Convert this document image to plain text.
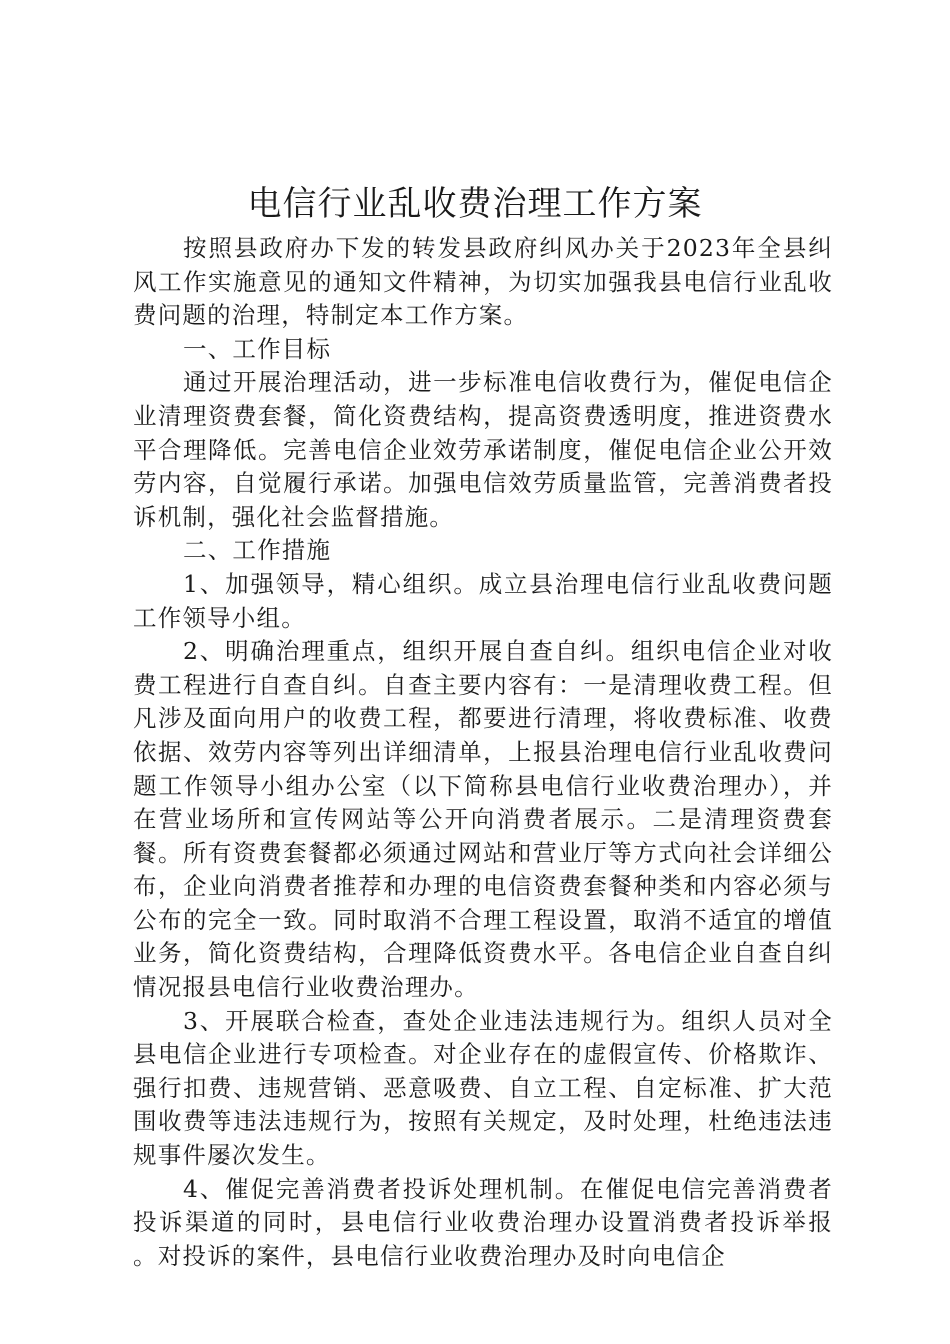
电信行业乱收费治理工作方案

按照县政府办下发的转发县政府纠风办关于2023年全县纠风工作实施意见的通知文件精神，为切实加强我县电信行业乱收费问题的治理，特制定本工作方案。

一、工作目标

通过开展治理活动，进一步标准电信收费行为，催促电信企业清理资费套餐，简化资费结构，提高资费透明度，推进资费水平合理降低。完善电信企业效劳承诺制度，催促电信企业公开效劳内容，自觉履行承诺。加强电信效劳质量监管，完善消费者投诉机制，强化社会监督措施。

二、工作措施

1、加强领导，精心组织。成立县治理电信行业乱收费问题工作领导小组。

2、明确治理重点，组织开展自查自纠。组织电信企业对收费工程进行自查自纠。自查主要内容有：一是清理收费工程。但凡涉及面向用户的收费工程，都要进行清理，将收费标准、收费依据、效劳内容等列出详细清单，上报县治理电信行业乱收费问题工作领导小组办公室（以下简称县电信行业收费治理办），并在营业场所和宣传网站等公开向消费者展示。二是清理资费套餐。所有资费套餐都必须通过网站和营业厅等方式向社会详细公布，企业向消费者推荐和办理的电信资费套餐种类和内容必须与公布的完全一致。同时取消不合理工程设置，取消不适宜的增值业务，简化资费结构，合理降低资费水平。各电信企业自查自纠情况报县电信行业收费治理办。

3、开展联合检查，查处企业违法违规行为。组织人员对全县电信企业进行专项检查。对企业存在的虚假宣传、价格欺诈、强行扣费、违规营销、恶意吸费、自立工程、自定标准、扩大范围收费等违法违规行为，按照有关规定，及时处理，杜绝违法违规事件屡次发生。

4、催促完善消费者投诉处理机制。在催促电信完善消费者投诉渠道的同时，县电信行业收费治理办设置消费者投诉举报　　。对投诉的案件，县电信行业收费治理办及时向电信企
